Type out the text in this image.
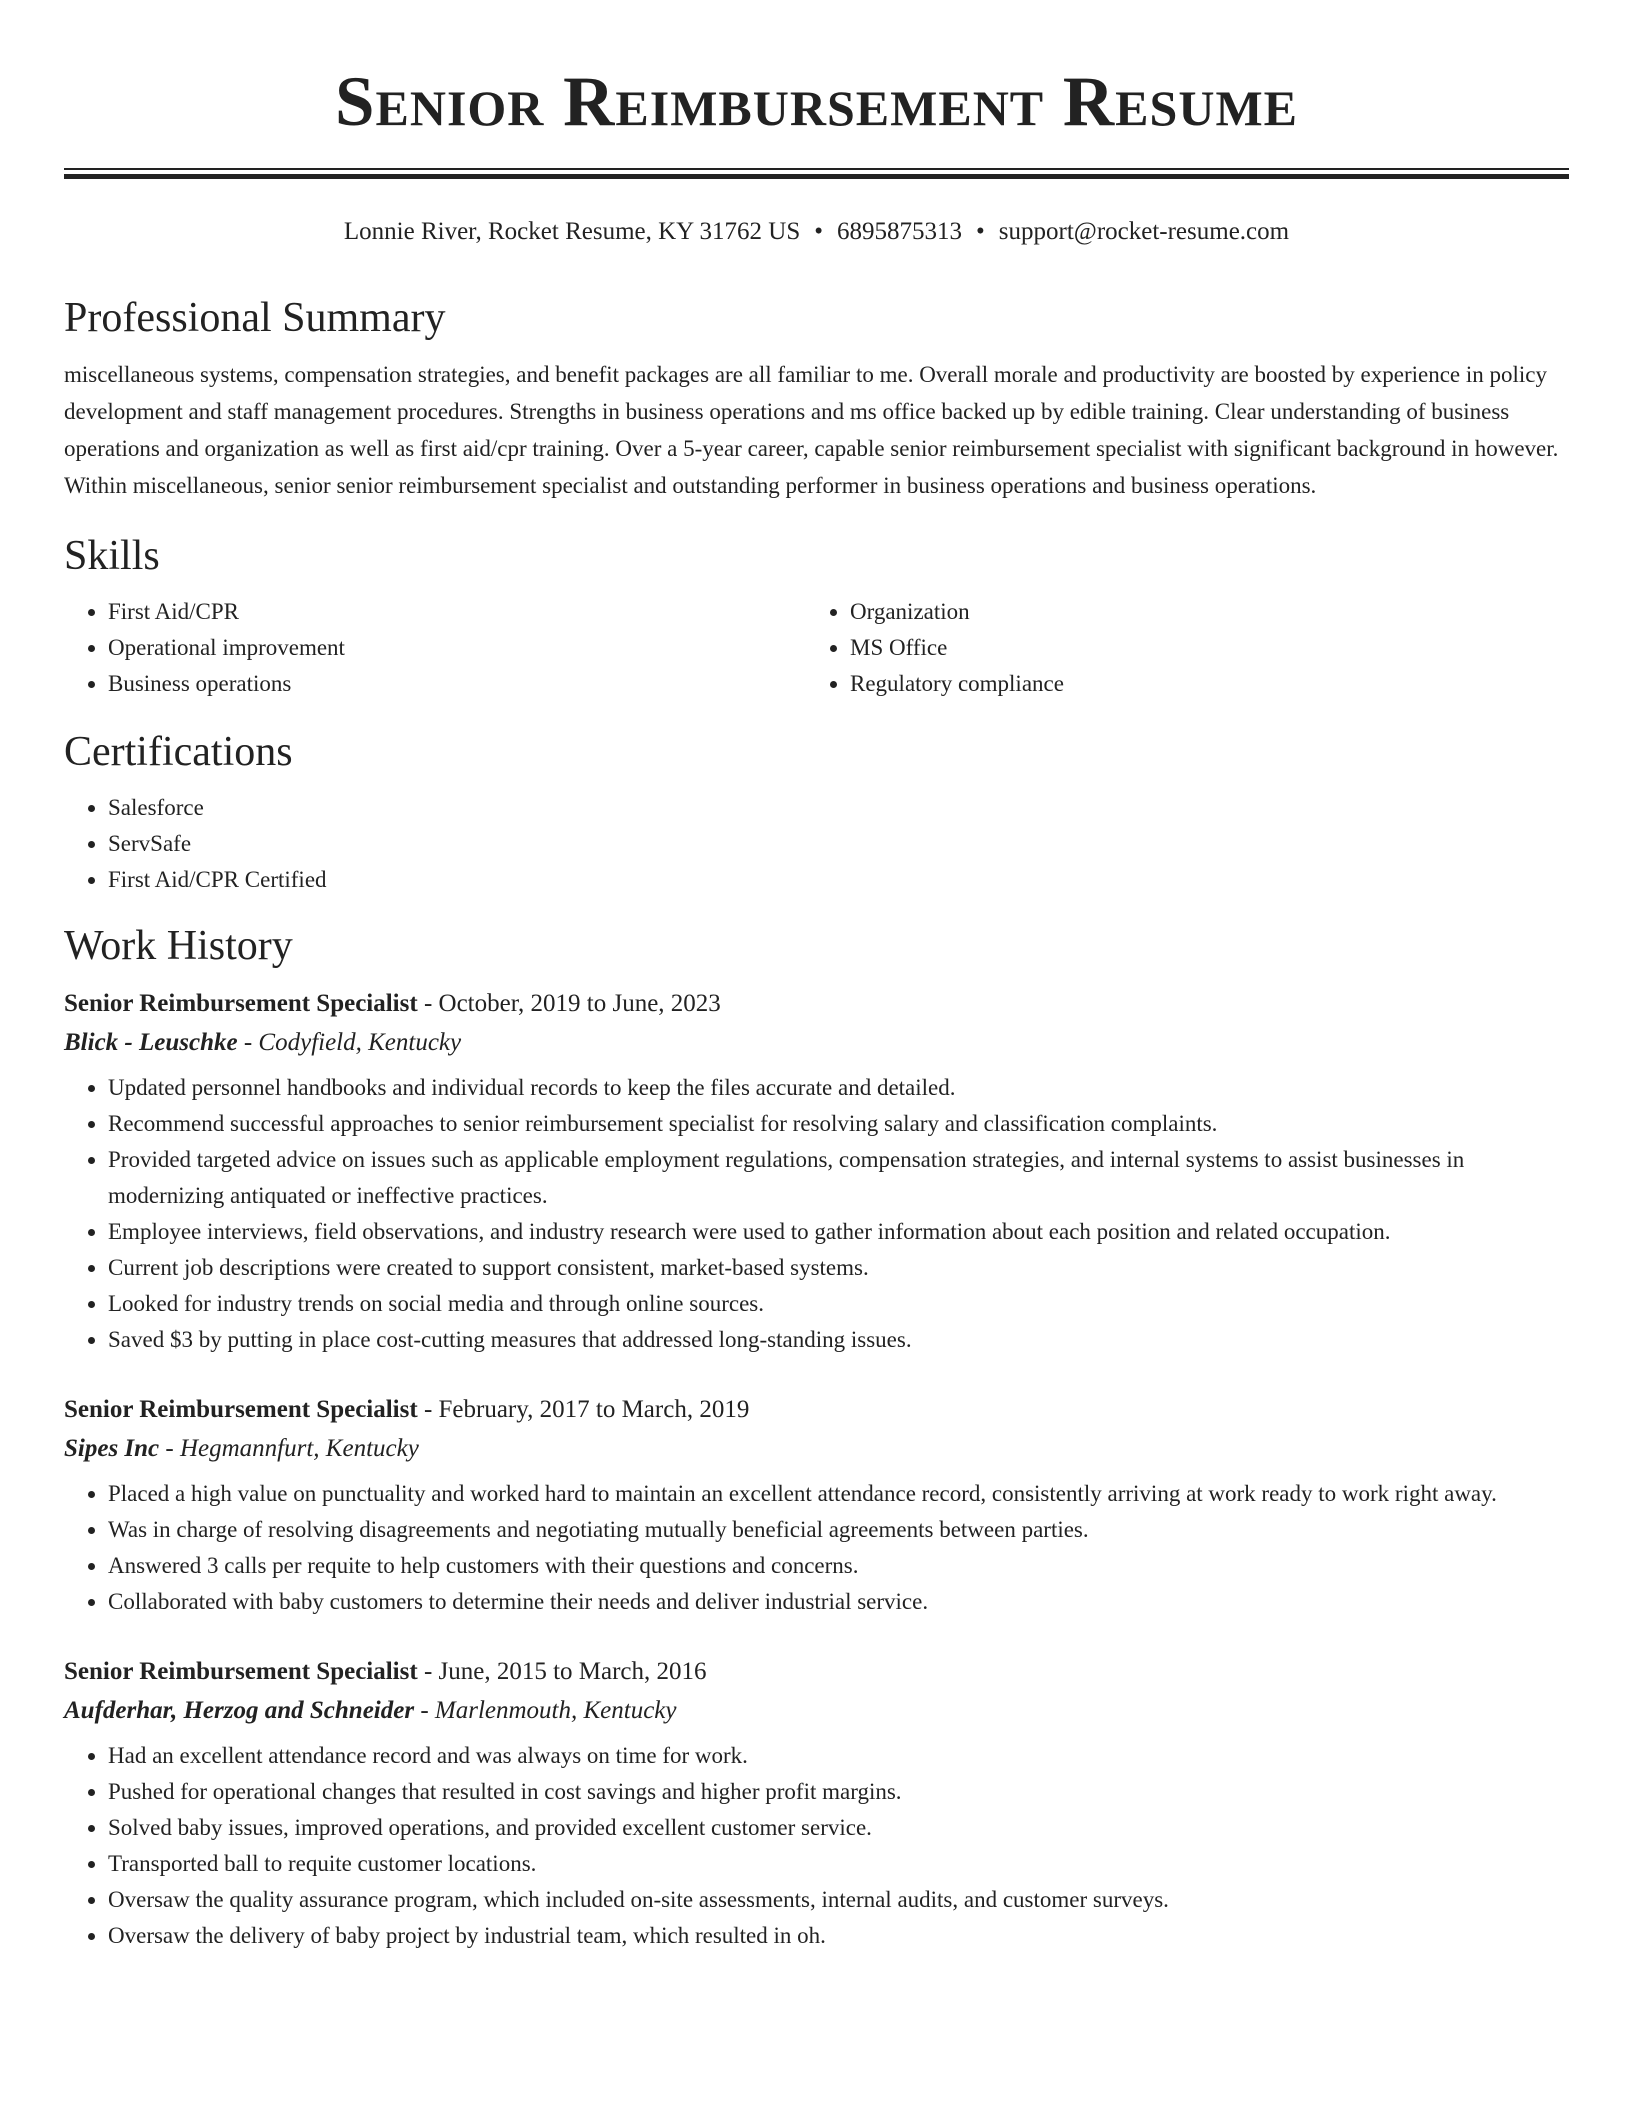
Senior Reimbursement Resume
Lonnie River, Rocket Resume, KY 31762 US • 6895875313 • support@rocket-resume.com
Professional Summary

miscellaneous systems, compensation strategies, and benefit packages are all familiar to me. Overall morale and productivity are boosted by experience in policy development and staff management procedures. Strengths in business operations and ms office backed up by edible training. Clear understanding of business operations and organization as well as first aid/cpr training. Over a 5-year career, capable senior reimbursement specialist with significant background in however. Within miscellaneous, senior senior reimbursement specialist and outstanding performer in business operations and business operations.

Skills
• First Aid/CPR
• Operational improvement
• Business operations
• Organization
• MS Office
• Regulatory compliance
Certifications
• Salesforce
• ServSafe
• First Aid/CPR Certified
Work History
Senior Reimbursement Specialist - October, 2019 to June, 2023
Blick - Leuschke - Codyfield, Kentucky
• Updated personnel handbooks and individual records to keep the files accurate and detailed.
• Recommend successful approaches to senior reimbursement specialist for resolving salary and classification complaints.
• Provided targeted advice on issues such as applicable employment regulations, compensation strategies, and internal systems to assist businesses in modernizing antiquated or ineffective practices.
• Employee interviews, field observations, and industry research were used to gather information about each position and related occupation.
• Current job descriptions were created to support consistent, market-based systems.
• Looked for industry trends on social media and through online sources.
• Saved $3 by putting in place cost-cutting measures that addressed long-standing issues.
Senior Reimbursement Specialist - February, 2017 to March, 2019
Sipes Inc - Hegmannfurt, Kentucky
• Placed a high value on punctuality and worked hard to maintain an excellent attendance record, consistently arriving at work ready to work right away.
• Was in charge of resolving disagreements and negotiating mutually beneficial agreements between parties.
• Answered 3 calls per requite to help customers with their questions and concerns.
• Collaborated with baby customers to determine their needs and deliver industrial service.
Senior Reimbursement Specialist - June, 2015 to March, 2016
Aufderhar, Herzog and Schneider - Marlenmouth, Kentucky
• Had an excellent attendance record and was always on time for work.
• Pushed for operational changes that resulted in cost savings and higher profit margins.
• Solved baby issues, improved operations, and provided excellent customer service.
• Transported ball to requite customer locations.
• Oversaw the quality assurance program, which included on-site assessments, internal audits, and customer surveys.
• Oversaw the delivery of baby project by industrial team, which resulted in oh.
